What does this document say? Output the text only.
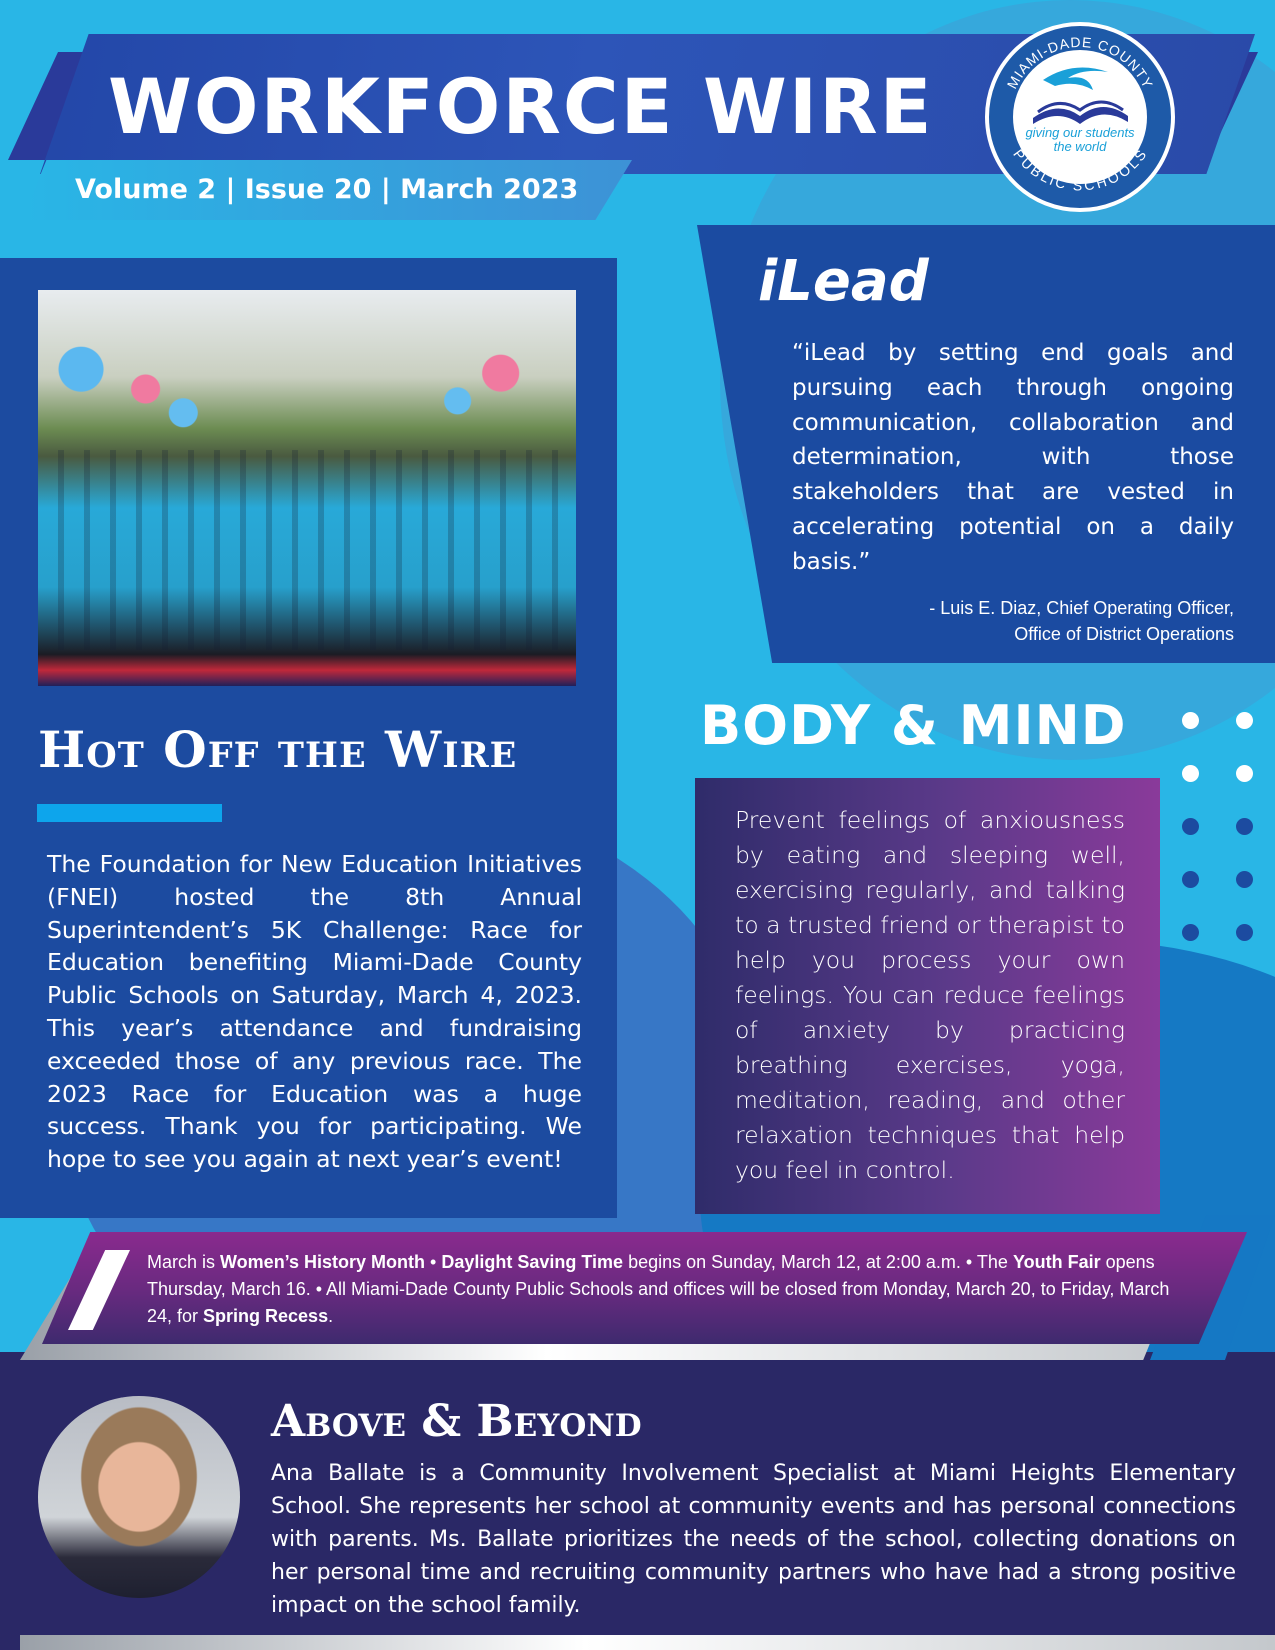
WORKFORCE WIRE
Volume 2 | Issue 20 | March 2023
MIAMI-DADE COUNTY
PUBLIC SCHOOLS
giving our students
the world
Hot Off the Wire

The Foundation for New Education Initiatives (FNEI) hosted the 8th Annual Superintendent’s 5K Challenge: Race for Education benefiting Miami-Dade County Public Schools on Saturday, March 4, 2023. This year’s attendance and fundraising exceeded those of any previous race. The 2023 Race for Education was a huge success. Thank you for participating. We hope to see you again at next year’s event!

iLead

“iLead by setting end goals and pursuing each through ongoing communication, collaboration and determination, with those stakeholders that are vested in accelerating potential on a daily basis.”

- Luis E. Diaz, Chief Operating Officer,
Office of District Operations
BODY & MIND

Prevent feelings of anxiousness by eating and sleeping well, exercising regularly, and talking to a trusted friend or therapist to help you process your own feelings. You can reduce feelings of anxiety by practicing breathing exercises, yoga, meditation, reading, and other relaxation techniques that help you feel in control.

March is Women’s History Month • Daylight Saving Time begins on Sunday, March 12, at 2:00 a.m. • The Youth Fair opens Thursday, March 16. • All Miami-Dade County Public Schools and offices will be closed from Monday, March 20, to Friday, March 24, for Spring Recess.

Above & Beyond

Ana Ballate is a Community Involvement Specialist at Miami Heights Elementary School. She represents her school at community events and has personal connections with parents. Ms. Ballate prioritizes the needs of the school, collecting donations on her personal time and recruiting community partners who have had a strong positive impact on the school family.
